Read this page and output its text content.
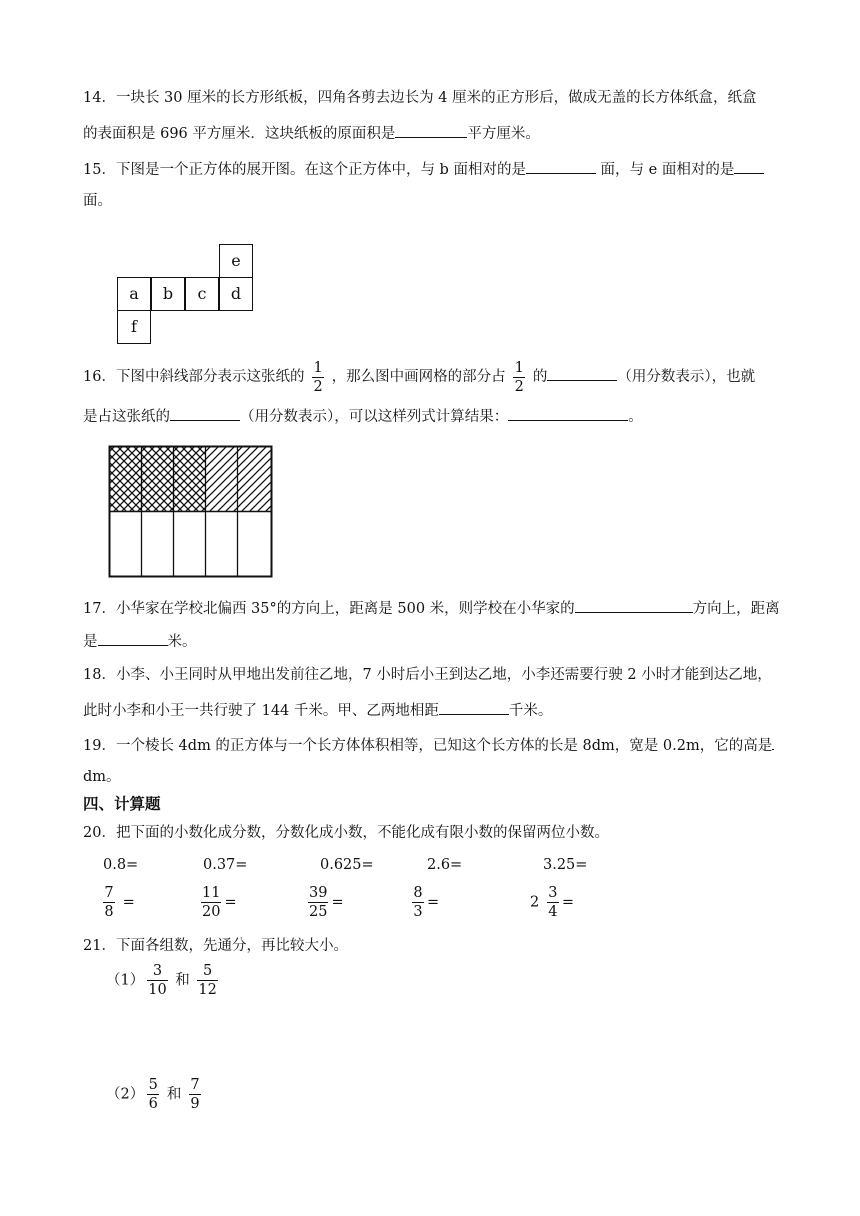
14．一块长 30 厘米的长方形纸板，四角各剪去边长为 4 厘米的正方形后，做成无盖的长方体纸盒，纸盒
的表面积是 696 平方厘米．这块纸板的原面积是	平方厘米。
15．下图是一个正方体的展开图。在这个正方体中，与 b 面相对的是	面，与 e 面相对的是
面。
e
a	b	c	d
f
16．下图中斜线部分表示这张纸的 $\frac{1}{2}$ ，那么图中画网格的部分占 $\frac{1}{2}$ 的	（用分数表示），也就
是占这张纸的	（用分数表示），可以这样列式计算结果：	。
17．小华家在学校北偏西 35°的方向上，距离是 500 米，则学校在小华家的	方向上，距离
是	米。
18．小李、小王同时从甲地出发前往乙地，7 小时后小王到达乙地，小李还需要行驶 2 小时才能到达乙地，
此时小李和小王一共行驶了 144 千米。甲、乙两地相距	千米。
19．一个棱长 4dm 的正方体与一个长方体体积相等，已知这个长方体的长是 8dm，宽是 0.2m，它的高是
dm。
四、计算题
20．把下面的小数化成分数，分数化成小数，不能化成有限小数的保留两位小数。
0.8=	0.37=	0.625=	2.6=	3.25=
$\frac{7}{8}$ =	$\frac{11}{20}$ =	$\frac{39}{25}$ =	$\frac{8}{3}$ =	$2 \frac{3}{4}$ =
21．下面各组数，先通分，再比较大小。
$(1) \frac{3}{10}$ 和 $\frac{5}{12}$
$(2) \frac{5}{6}$ 和 $\frac{7}{9}$
